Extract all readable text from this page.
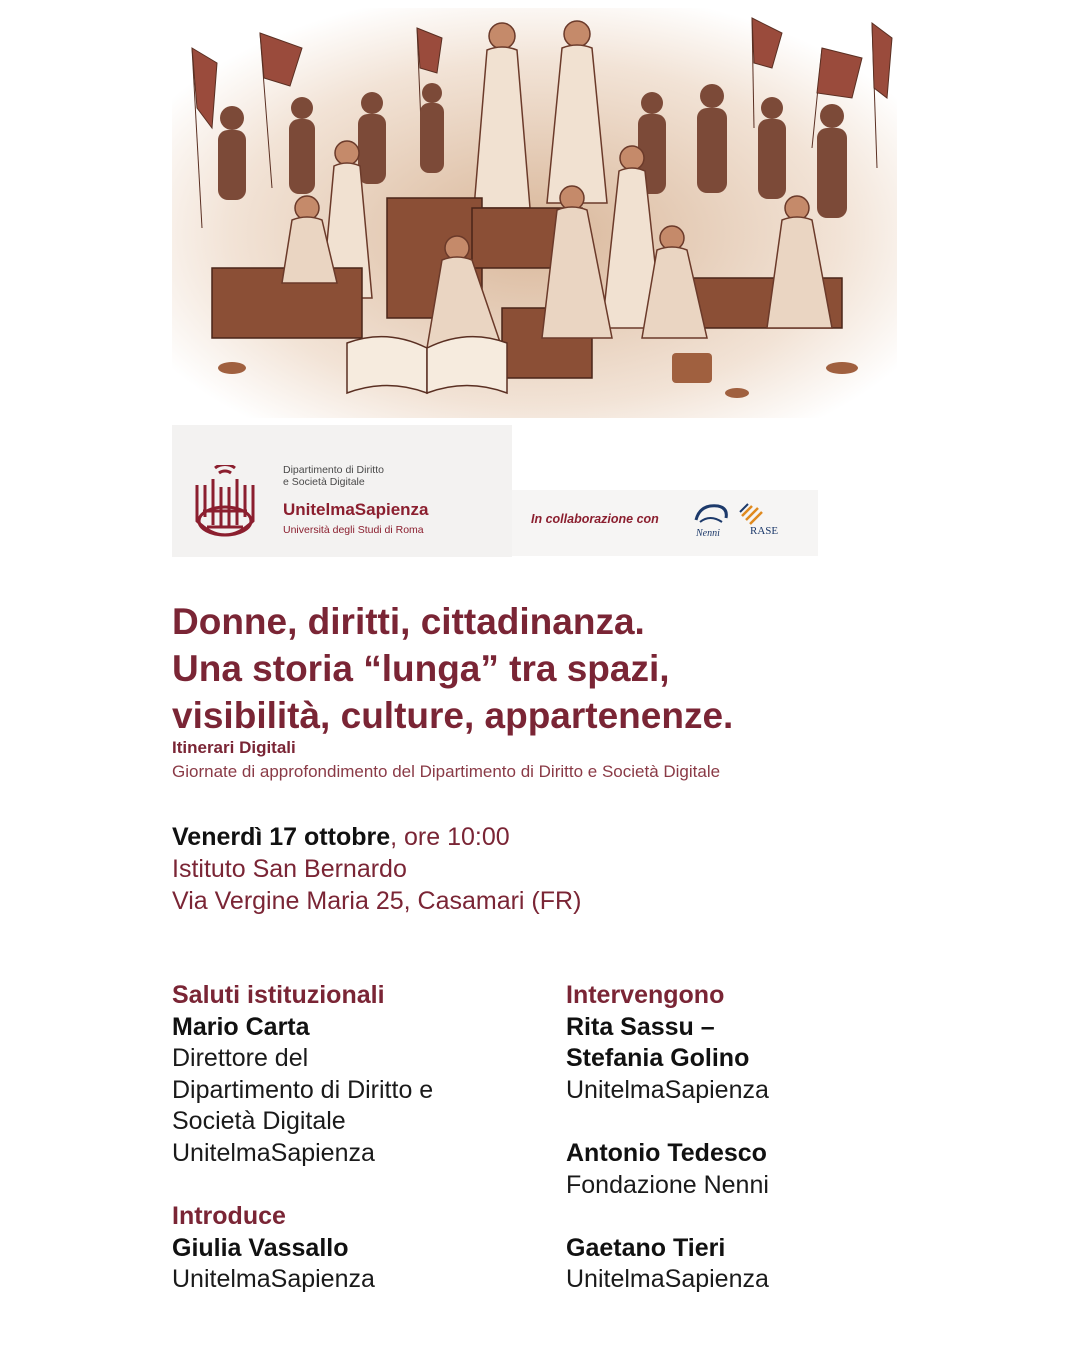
Dipartimento di Diritto
e Società Digitale
UnitelmaSapienza
Università degli Studi di Roma
In collaborazione con
Nenni	RASE
Donne, diritti, cittadinanza.
Una storia “lunga” tra spazi,
visibilità, culture, appartenenze.
Itinerari Digitali
Giornate di approfondimento del Dipartimento di Diritto e Società Digitale
Venerdì 17 ottobre, ore 10:00
Istituto San Bernardo
Via Vergine Maria 25, Casamari (FR)
Saluti istituzionali
Mario Carta
Direttore del
Dipartimento di Diritto e
Società Digitale
UnitelmaSapienza
Introduce
Giulia Vassallo
UnitelmaSapienza
Intervengono
Rita Sassu –
Stefania Golino
UnitelmaSapienza
Antonio Tedesco
Fondazione Nenni
Gaetano Tieri
UnitelmaSapienza
